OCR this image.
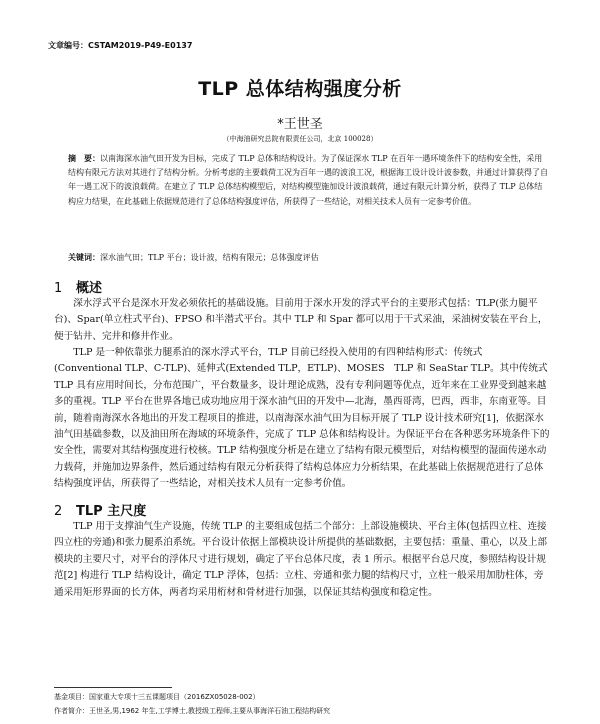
文章编号：CSTAM2019-P49-E0137
TLP 总体结构强度分析
*王世圣
（中海油研究总院有限责任公司，北京 100028）
摘　要：以南海深水油气田开发为目标，完成了 TLP 总体和结构设计。为了保证深水 TLP 在百年一遇环境条件下的结构安全性，采用结构有限元方法对其进行了结构分析。分析考虑的主要载荷工况为百年一遇的波浪工况，根据海工设计设计波参数，并通过计算获得了自年一遇工况下的波浪载荷。在建立了 TLP 总体结构模型后，对结构模型施加设计波浪载荷，通过有限元计算分析，获得了 TLP 总体结构应力结果，在此基础上依据规范进行了总体结构强度评估，所获得了一些结论，对相关技术人员有一定参考价值。
关键词：深水油气田；TLP 平台；设计波，结构有限元；总体强度评估
1 概述
深水浮式平台是深水开发必须依托的基础设施。目前用于深水开发的浮式平台的主要形式包括：TLP(张力腿平台)、Spar(单立柱式平台)、FPSO 和半潜式平台。其中 TLP 和 Spar 都可以用于干式采油，采油树安装在平台上，便于钻井、完井和修井作业。
TLP 是一种依靠张力腿系泊的深水浮式平台，TLP 目前已经投入使用的有四种结构形式：传统式(Conventional TLP、C-TLP)、延伸式(Extended TLP，ETLP)、MOSES　TLP 和 SeaStar TLP。其中传统式 TLP 具有应用时间长，分布范围广，平台数量多，设计理论成熟，没有专利问题等优点，近年来在工业界受到越来越多的重视。TLP 平台在世界各地已成功地应用于深水油气田的开发中—北海，墨西哥湾，巴西，西非，东南亚等。目前，随着南海深水各地出的开发工程项目的推进，以南海深水油气田为目标开展了 TLP 设计技术研究[1]，依据深水油气田基础参数，以及油田所在海域的环境条件，完成了 TLP 总体和结构设计。为保证平台在各种恶劣环境条件下的安全性，需要对其结构强度进行校核。TLP 结构强度分析是在建立了结构有限元模型后，对结构模型的湿面传递水动力载荷，并施加边界条件，然后通过结构有限元分析获得了结构总体应力分析结果，在此基础上依据规范进行了总体结构强度评估，所获得了一些结论，对相关技术人员有一定参考价值。
2 TLP 主尺度
TLP 用于支撑油气生产设施，传统 TLP 的主要组成包括二个部分：上部设施模块、平台主体(包括四立柱、连接四立柱的旁通)和张力腿系泊系统。平台设计依据上部模块设计所提供的基础数据，主要包括：重量、重心，以及上部模块的主要尺寸，对平台的浮体尺寸进行规划，确定了平台总体尺度，表 1 所示。根据平台总尺度，参照结构设计规范[2] 构进行 TLP 结构设计，确定 TLP 浮体，包括：立柱、旁通和张力腿的结构尺寸，立柱一般采用加肋柱体，旁通采用矩形界面的长方体，两者均采用桁材和骨材进行加强，以保证其结构强度和稳定性。
基金项目：国家重大专项十三五课题项目（2016ZX05028-002）
作者简介：王世圣,男,1962 年生,工学博士,教授级工程师,主要从事海洋石油工程结构研究
